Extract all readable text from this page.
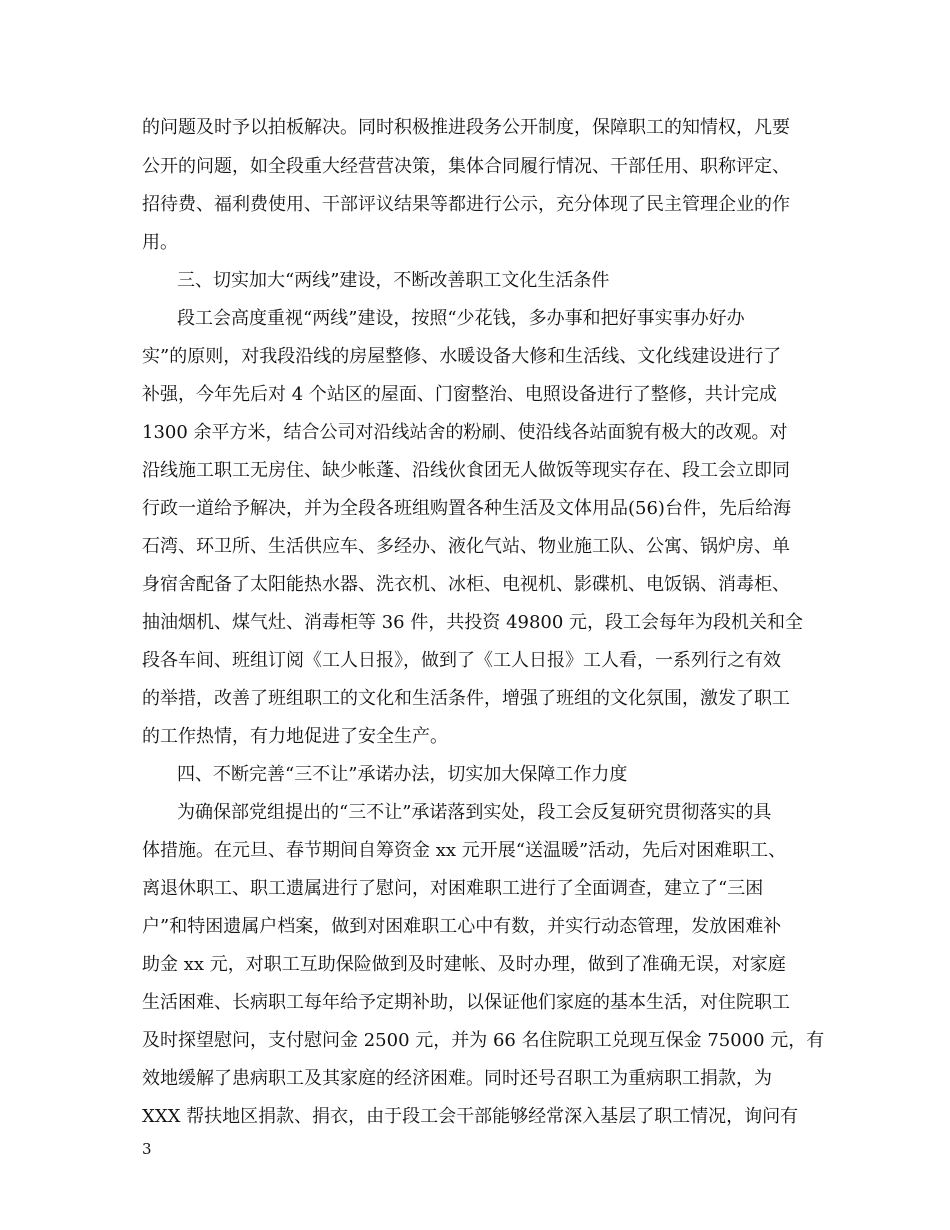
的问题及时予以拍板解决。同时积极推进段务公开制度，保障职工的知情权，凡要
公开的问题，如全段重大经营营决策，集体合同履行情况、干部任用、职称评定、
招待费、福利费使用、干部评议结果等都进行公示，充分体现了民主管理企业的作
用。
三、切实加大“两线”建设，不断改善职工文化生活条件
段工会高度重视“两线”建设，按照“少花钱，多办事和把好事实事办好办
实”的原则，对我段沿线的房屋整修、水暖设备大修和生活线、文化线建设进行了
补强，今年先后对 4 个站区的屋面、门窗整治、电照设备进行了整修，共计完成
1300 余平方米，结合公司对沿线站舍的粉刷、使沿线各站面貌有极大的改观。对
沿线施工职工无房住、缺少帐蓬、沿线伙食团无人做饭等现实存在、段工会立即同
行政一道给予解决，并为全段各班组购置各种生活及文体用品(56)台件，先后给海
石湾、环卫所、生活供应车、多经办、液化气站、物业施工队、公寓、锅炉房、单
身宿舍配备了太阳能热水器、洗衣机、冰柜、电视机、影碟机、电饭锅、消毒柜、
抽油烟机、煤气灶、消毒柜等 36 件，共投资 49800 元，段工会每年为段机关和全
段各车间、班组订阅《工人日报》，做到了《工人日报》工人看，一系列行之有效
的举措，改善了班组职工的文化和生活条件，增强了班组的文化氛围，激发了职工
的工作热情，有力地促进了安全生产。
四、不断完善“三不让”承诺办法，切实加大保障工作力度
为确保部党组提出的“三不让”承诺落到实处，段工会反复研究贯彻落实的具
体措施。在元旦、春节期间自筹资金 xx 元开展“送温暖”活动，先后对困难职工、
离退休职工、职工遗属进行了慰问，对困难职工进行了全面调查，建立了“三困
户”和特困遗属户档案，做到对困难职工心中有数，并实行动态管理，发放困难补
助金 xx 元，对职工互助保险做到及时建帐、及时办理，做到了准确无误，对家庭
生活困难、长病职工每年给予定期补助，以保证他们家庭的基本生活，对住院职工
及时探望慰问，支付慰问金 2500 元，并为 66 名住院职工兑现互保金 75000 元，有
效地缓解了患病职工及其家庭的经济困难。同时还号召职工为重病职工捐款，为
XXX 帮扶地区捐款、捐衣，由于段工会干部能够经常深入基层了职工情况，询问有
3
